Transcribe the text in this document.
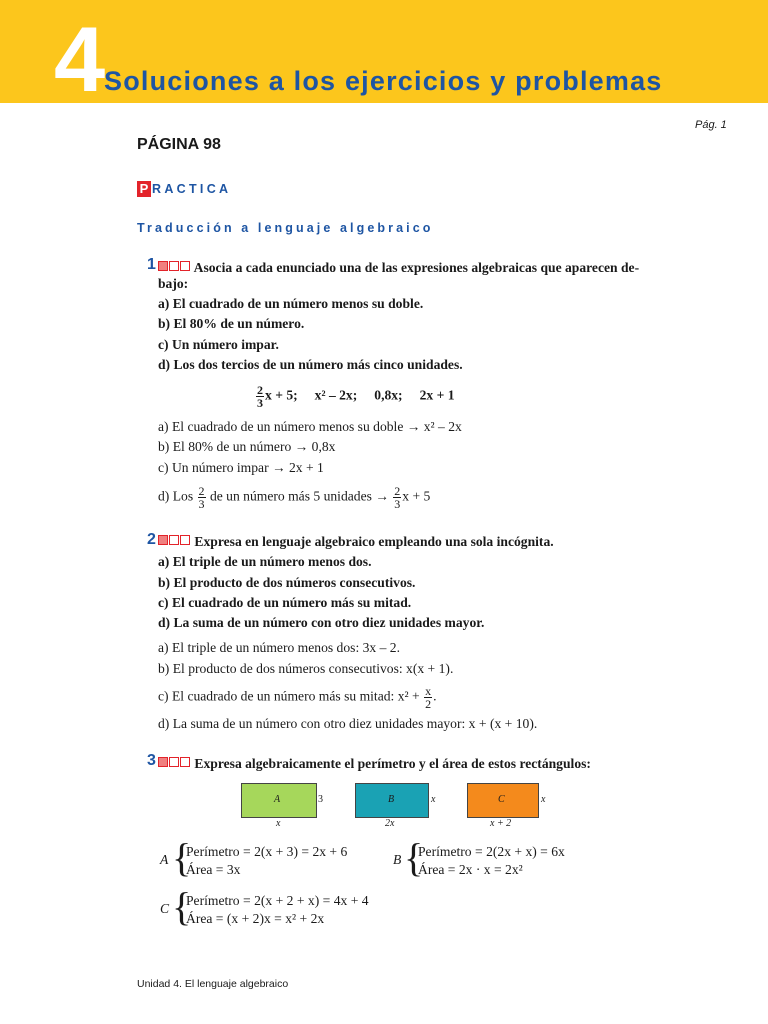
4
Soluciones a los ejercicios y problemas
Pág. 1
PÁGINA 98
P RACTICA
Traducción a lenguaje algebraico
1	Asocia a cada enunciado una de las expresiones algebraicas que aparecen de-
bajo:
a) El cuadrado de un número menos su doble.
b) El 80% de un número.
c) Un número impar.
d) Los dos tercios de un número más cinco unidades.
$\frac{2}{3}$ x + 5; x² – 2x; 0,8x; 2x + 1
a) El cuadrado de un número menos su doble → x² – 2x
b) El 80% de un número → 0,8x
c) Un número impar → 2x + 1
d) Los $\frac{2}{3}$ de un número más 5 unidades → $\frac{2}{3}$ x + 5
2	Expresa en lenguaje algebraico empleando una sola incógnita.
a) El triple de un número menos dos.
b) El producto de dos números consecutivos.
c) El cuadrado de un número más su mitad.
d) La suma de un número con otro diez unidades mayor.
a) El triple de un número menos dos: 3x – 2.
b) El producto de dos números consecutivos: x(x + 1).
c) El cuadrado de un número más su mitad: $x^2 + \frac{x}{2}$ .
d) La suma de un número con otro diez unidades mayor: x + (x + 10).
3	Expresa algebraicamente el perímetro y el área de estos rectángulos:
A	3
x
B	x
2x
C	x
x + 2
A {
Perímetro = 2(x + 3) = 2x + 6
Área = 3x
B {
Perímetro = 2(2x + x) = 6x
Área = 2x · x = 2x²
C {
Perímetro = 2(x + 2 + x) = 4x + 4
Área = (x + 2)x = x² + 2x
Unidad 4. El lenguaje algebraico
